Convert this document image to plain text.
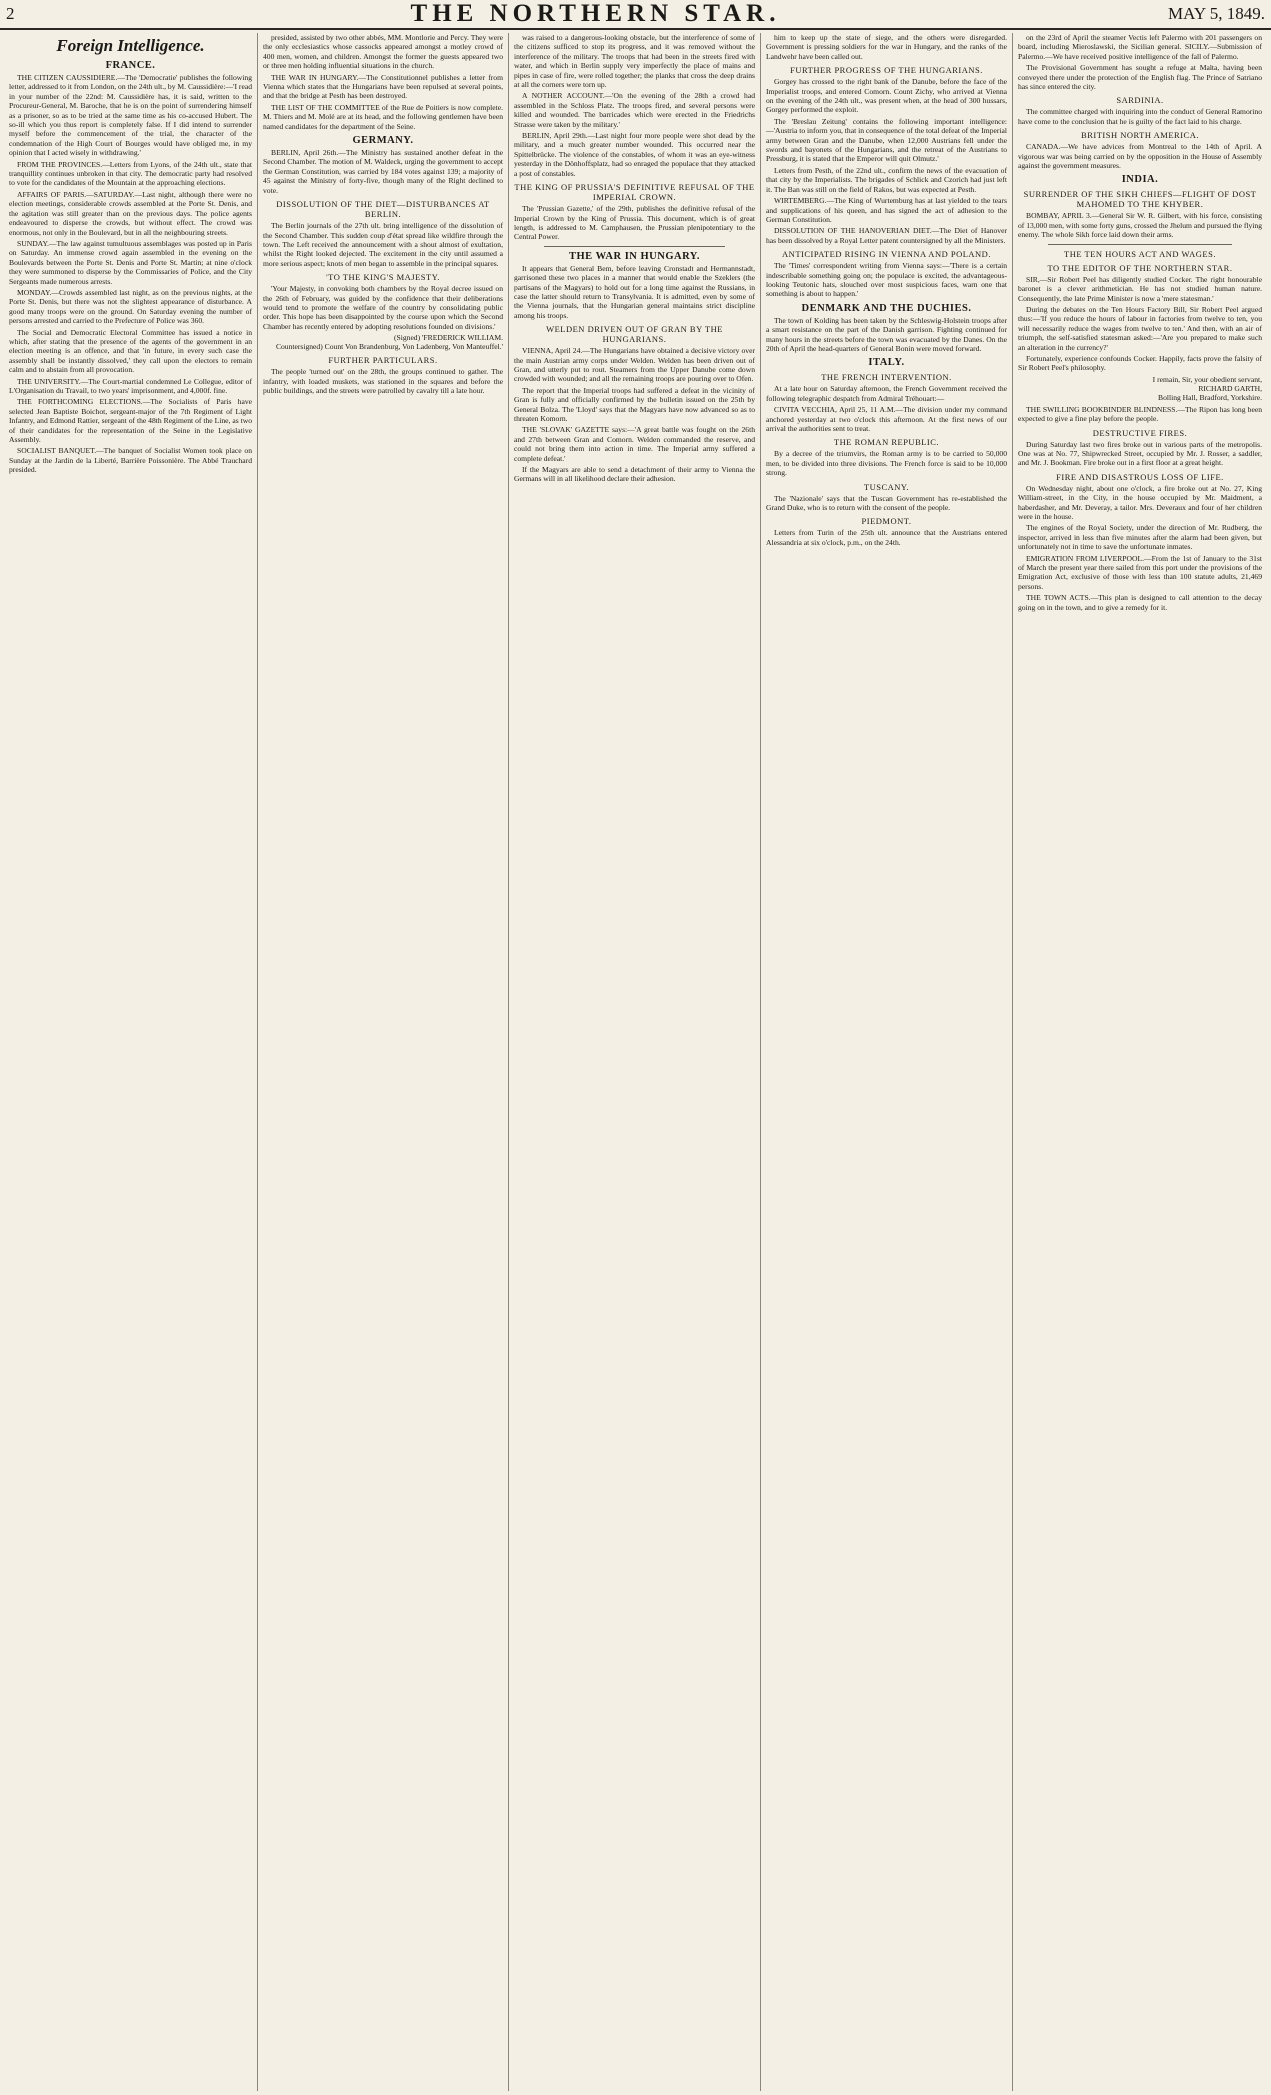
2	THE NORTHERN STAR.	MAY 5, 1849.
Foreign Intelligence.
FRANCE.

THE CITIZEN CAUSSIDIERE.—The 'Democratie' publishes the following letter, addressed to it from London, on the 24th ult., by M. Caussidière:—'I read in your number of the 22nd: M. Caussidière has, it is said, written to the Procureur-General, M. Baroche, that he is on the point of surrendering himself as a prisoner, so as to be tried at the same time as his co-accused Hubert. The so-ill which you thus report is completely false. If I did intend to surrender myself before the commencement of the trial, the character of the condemnation of the High Court of Bourges would have obliged me, in my opinion that I acted wisely in withdrawing.'

FROM THE PROVINCES.—Letters from Lyons, of the 24th ult., state that tranquillity continues unbroken in that city. The democratic party had resolved to vote for the candidates of the Mountain at the approaching elections.

AFFAIRS OF PARIS.—SATURDAY.—Last night, although there were no election meetings, considerable crowds assembled at the Porte St. Denis, and the agitation was still greater than on the previous days. The police agents endeavoured to disperse the crowds, but without effect. The crowd was enormous, not only in the Boulevard, but in all the neighbouring streets.

SUNDAY.—The law against tumultuous assemblages was posted up in Paris on Saturday. An immense crowd again assembled in the evening on the Boulevards between the Porte St. Denis and Porte St. Martin; at nine o'clock they were summoned to disperse by the Commissaries of Police, and the City Sergeants made numerous arrests.

MONDAY.—Crowds assembled last night, as on the previous nights, at the Porte St. Denis, but there was not the slightest appearance of disturbance. A good many troops were on the ground. On Saturday evening the number of persons arrested and carried to the Prefecture of Police was 360.

The Social and Democratic Electoral Committee has issued a notice in which, after stating that the presence of the agents of the government in an election meeting is an offence, and that 'in future, in every such case the assembly shall be instantly dissolved,' they call upon the electors to remain calm and to abstain from all provocation.

THE UNIVERSITY.—The Court-martial condemned Le Collegue, editor of L'Organisation du Travail, to two years' imprisonment, and 4,000f. fine.

THE FORTHCOMING ELECTIONS.—The Socialists of Paris have selected Jean Baptiste Boichot, sergeant-major of the 7th Regiment of Light Infantry, and Edmond Rattier, sergeant of the 48th Regiment of the Line, as two of their candidates for the representation of the Seine in the Legislative Assembly.

SOCIALIST BANQUET.—The banquet of Socialist Women took place on Sunday at the Jardin de la Liberté, Barrière Poissonière. The Abbé Trauchard presided.

presided, assisted by two other abbés, MM. Montlorie and Percy. They were the only ecclesiastics whose cassocks appeared amongst a motley crowd of 400 men, women, and children. Amongst the former the guests appeared two or three men holding influential situations in the church.

THE WAR IN HUNGARY.—The Constitutionnel publishes a letter from Vienna which states that the Hungarians have been repulsed at several points, and that the bridge at Pesth has been destroyed.

THE LIST OF THE COMMITTEE of the Rue de Poitiers is now complete. M. Thiers and M. Molé are at its head, and the following gentlemen have been named candidates for the department of the Seine.

GERMANY.

BERLIN, April 26th.—The Ministry has sustained another defeat in the Second Chamber. The motion of M. Waldeck, urging the government to accept the German Constitution, was carried by 184 votes against 139; a majority of 45 against the Ministry of forty-five, though many of the Right declined to vote.

DISSOLUTION OF THE DIET—DISTURBANCES AT BERLIN.

The Berlin journals of the 27th ult. bring intelligence of the dissolution of the Second Chamber. This sudden coup d'état spread like wildfire through the town. The Left received the announcement with a shout almost of exultation, whilst the Right looked dejected. The excitement in the city until assumed a more serious aspect; knots of men began to assemble in the principal squares.

'TO THE KING'S MAJESTY.

'Your Majesty, in convoking both chambers by the Royal decree issued on the 26th of February, was guided by the confidence that their deliberations would tend to promote the welfare of the country by consolidating public order. This hope has been disappointed by the course upon which the Second Chamber has recently entered by adopting resolutions founded on divisions.'

(Signed) 'FREDERICK WILLIAM.
Countersigned) Count Von Brandenburg, Von Ladenberg, Von Manteuffel.'
FURTHER PARTICULARS.

The people 'turned out' on the 28th, the groups continued to gather. The infantry, with loaded muskets, was stationed in the squares and before the public buildings, and the streets were patrolled by cavalry till a late hour.

was raised to a dangerous-looking obstacle, but the interference of some of the citizens sufficed to stop its progress, and it was removed without the interference of the military. The troops that had been in the streets fired with water, and which in Berlin supply very imperfectly the place of mains and pipes in case of fire, were rolled together; the planks that cross the deep drains at all the corners were torn up.

A NOTHER ACCOUNT.—'On the evening of the 28th a crowd had assembled in the Schloss Platz. The troops fired, and several persons were killed and wounded. The barricades which were erected in the Friedrichs Strasse were taken by the military.'

BERLIN, April 29th.—Last night four more people were shot dead by the military, and a much greater number wounded. This occurred near the Spittelbrücke. The violence of the constables, of whom it was an eye-witness yesterday in the Dönhoffsplatz, had so enraged the populace that they attacked a post of constables.

THE KING OF PRUSSIA'S DEFINITIVE REFUSAL OF THE IMPERIAL CROWN.

The 'Prussian Gazette,' of the 29th, publishes the definitive refusal of the Imperial Crown by the King of Prussia. This document, which is of great length, is addressed to M. Camphausen, the Prussian plenipotentiary to the Central Power.

THE WAR IN HUNGARY.

It appears that General Bem, before leaving Cronstadt and Hermannstadt, garrisoned these two places in a manner that would enable the Szeklers (the partisans of the Magyars) to hold out for a long time against the Russians, in case the latter should return to Transylvania. It is admitted, even by some of the Vienna journals, that the Hungarian general maintains strict discipline among his troops.

WELDEN DRIVEN OUT OF GRAN BY THE HUNGARIANS.

VIENNA, April 24.—The Hungarians have obtained a decisive victory over the main Austrian army corps under Welden. Welden has been driven out of Gran, and utterly put to rout. Steamers from the Upper Danube come down crowded with wounded; and all the remaining troops are pouring over to Ofen.

The report that the Imperial troops had suffered a defeat in the vicinity of Gran is fully and officially confirmed by the bulletin issued on the 25th by General Bolza. The 'Lloyd' says that the Magyars have now advanced so as to threaten Komorn.

THE 'SLOVAK' GAZETTE says:—'A great battle was fought on the 26th and 27th between Gran and Comorn. Welden commanded the reserve, and could not bring them into action in time. The Imperial army suffered a complete defeat.'

If the Magyars are able to send a detachment of their army to Vienna the Germans will in all likelihood declare their adhesion.

him to keep up the state of siege, and the others were disregarded. Government is pressing soldiers for the war in Hungary, and the ranks of the Landwehr have been called out.

FURTHER PROGRESS OF THE HUNGARIANS.

Gorgey has crossed to the right bank of the Danube, before the face of the Imperialist troops, and entered Comorn. Count Zichy, who arrived at Vienna on the evening of the 24th ult., was present when, at the head of 300 hussars, Gorgey performed the exploit.

The 'Breslau Zeitung' contains the following important intelligence:—'Austria to inform you, that in consequence of the total defeat of the Imperial army between Gran and the Danube, when 12,000 Austrians fell under the swords and bayonets of the Hungarians, and the retreat of the Austrians to Pressburg, it is stated that the Emperor will quit Olmutz.'

Letters from Pesth, of the 22nd ult., confirm the news of the evacuation of that city by the Imperialists. The brigades of Schlick and Czorich had just left it. The Ban was still on the field of Rakos, but was expected at Pesth.

WIRTEMBERG.—The King of Wurtemburg has at last yielded to the tears and supplications of his queen, and has signed the act of adhesion to the German Constitution.

DISSOLUTION OF THE HANOVERIAN DIET.—The Diet of Hanover has been dissolved by a Royal Letter patent countersigned by all the Ministers.

ANTICIPATED RISING IN VIENNA AND POLAND.

The 'Times' correspondent writing from Vienna says:—'There is a certain indescribable something going on; the populace is excited, the advantageous-looking Teutonic hats, slouched over most suspicious faces, warn one that something is about to happen.'

DENMARK AND THE DUCHIES.

The town of Kolding has been taken by the Schleswig-Holstein troops after a smart resistance on the part of the Danish garrison. Fighting continued for many hours in the streets before the town was evacuated by the Danes. On the 20th of April the head-quarters of General Bonin were moved forward.

ITALY.
THE FRENCH INTERVENTION.

At a late hour on Saturday afternoon, the French Government received the following telegraphic despatch from Admiral Tréhouart:—

CIVITA VECCHIA, April 25, 11 A.M.—The division under my command anchored yesterday at two o'clock this afternoon. At the first news of our arrival the authorities sent to treat.

THE ROMAN REPUBLIC.

By a decree of the triumvirs, the Roman army is to be carried to 50,000 men, to be divided into three divisions. The French force is said to be 10,000 strong.

TUSCANY.

The 'Nazionale' says that the Tuscan Government has re-established the Grand Duke, who is to return with the consent of the people.

PIEDMONT.

Letters from Turin of the 25th ult. announce that the Austrians entered Alessandria at six o'clock, p.m., on the 24th.

on the 23rd of April the steamer Vectis left Palermo with 201 passengers on board, including Mieroslawski, the Sicilian general. SICILY.—Submission of Palermo.—We have received positive intelligence of the fall of Palermo.

The Provisional Government has sought a refuge at Malta, having been conveyed there under the protection of the English flag. The Prince of Satriano has since entered the city.

SARDINIA.

The committee charged with inquiring into the conduct of General Ramorino have come to the conclusion that he is guilty of the fact laid to his charge.

BRITISH NORTH AMERICA.

CANADA.—We have advices from Montreal to the 14th of April. A vigorous war was being carried on by the opposition in the House of Assembly against the government measures.

INDIA.
SURRENDER OF THE SIKH CHIEFS—FLIGHT OF DOST MAHOMED TO THE KHYBER.

BOMBAY, APRIL 3.—General Sir W. R. Gilbert, with his force, consisting of 13,000 men, with some forty guns, crossed the Jhelum and pursued the flying enemy. The whole Sikh force laid down their arms.

THE TEN HOURS ACT AND WAGES.
TO THE EDITOR OF THE NORTHERN STAR.

SIR,—Sir Robert Peel has diligently studied Cocker. The right honourable baronet is a clever arithmetician. He has not studied human nature. Consequently, the late Prime Minister is now a 'mere statesman.'

During the debates on the Ten Hours Factory Bill, Sir Robert Peel argued thus:—'If you reduce the hours of labour in factories from twelve to ten, you will necessarily reduce the wages from twelve to ten.' And then, with an air of triumph, the self-satisfied statesman asked:—'Are you prepared to make such an alteration in the currency?'

Fortunately, experience confounds Cocker. Happily, facts prove the falsity of Sir Robert Peel's philosophy.

I remain, Sir, your obedient servant,
RICHARD GARTH,
Bolling Hall, Bradford, Yorkshire.

THE SWILLING BOOKBINDER BLINDNESS.—The Ripon has long been expected to give a fine play before the people.

DESTRUCTIVE FIRES.

During Saturday last two fires broke out in various parts of the metropolis. One was at No. 77, Shipwrecked Street, occupied by Mr. J. Rosser, a saddler, and Mr. J. Bookman. Fire broke out in a first floor at a great height.

FIRE AND DISASTROUS LOSS OF LIFE.

On Wednesday night, about one o'clock, a fire broke out at No. 27, King William-street, in the City, in the house occupied by Mr. Maidment, a haberdasher, and Mr. Deveray, a tailor. Mrs. Deveraux and four of her children were in the house.

The engines of the Royal Society, under the direction of Mr. Rudberg, the inspector, arrived in less than five minutes after the alarm had been given, but unfortunately not in time to save the unfortunate inmates.

EMIGRATION FROM LIVERPOOL.—From the 1st of January to the 31st of March the present year there sailed from this port under the provisions of the Emigration Act, exclusive of those with less than 100 statute adults, 21,469 persons.

THE TOWN ACTS.—This plan is designed to call attention to the decay going on in the town, and to give a remedy for it.
